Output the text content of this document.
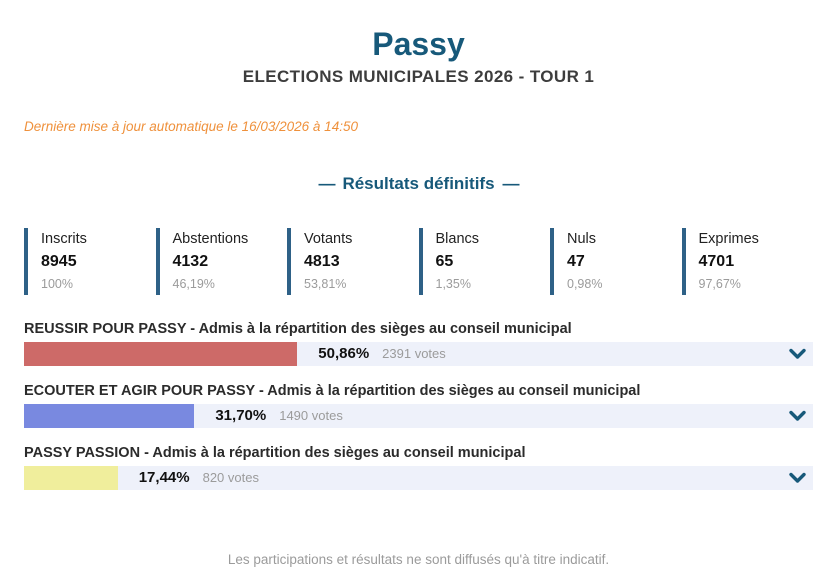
Passy
ELECTIONS MUNICIPALES 2026 - TOUR 1

Dernière mise à jour automatique le 16/03/2026 à 14:50

— Résultats définitifs —
Inscrits
8945
100%
Abstentions
4132
46,19%
Votants
4813
53,81%
Blancs
65
1,35%
Nuls
47
0,98%
Exprimes
4701
97,67%
REUSSIR POUR PASSY - Admis à la répartition des sièges au conseil municipal
50,86% 2391 votes
ECOUTER ET AGIR POUR PASSY - Admis à la répartition des sièges au conseil municipal
31,70% 1490 votes
PASSY PASSION - Admis à la répartition des sièges au conseil municipal
17,44% 820 votes

Les participations et résultats ne sont diffusés qu'à titre indicatif.
